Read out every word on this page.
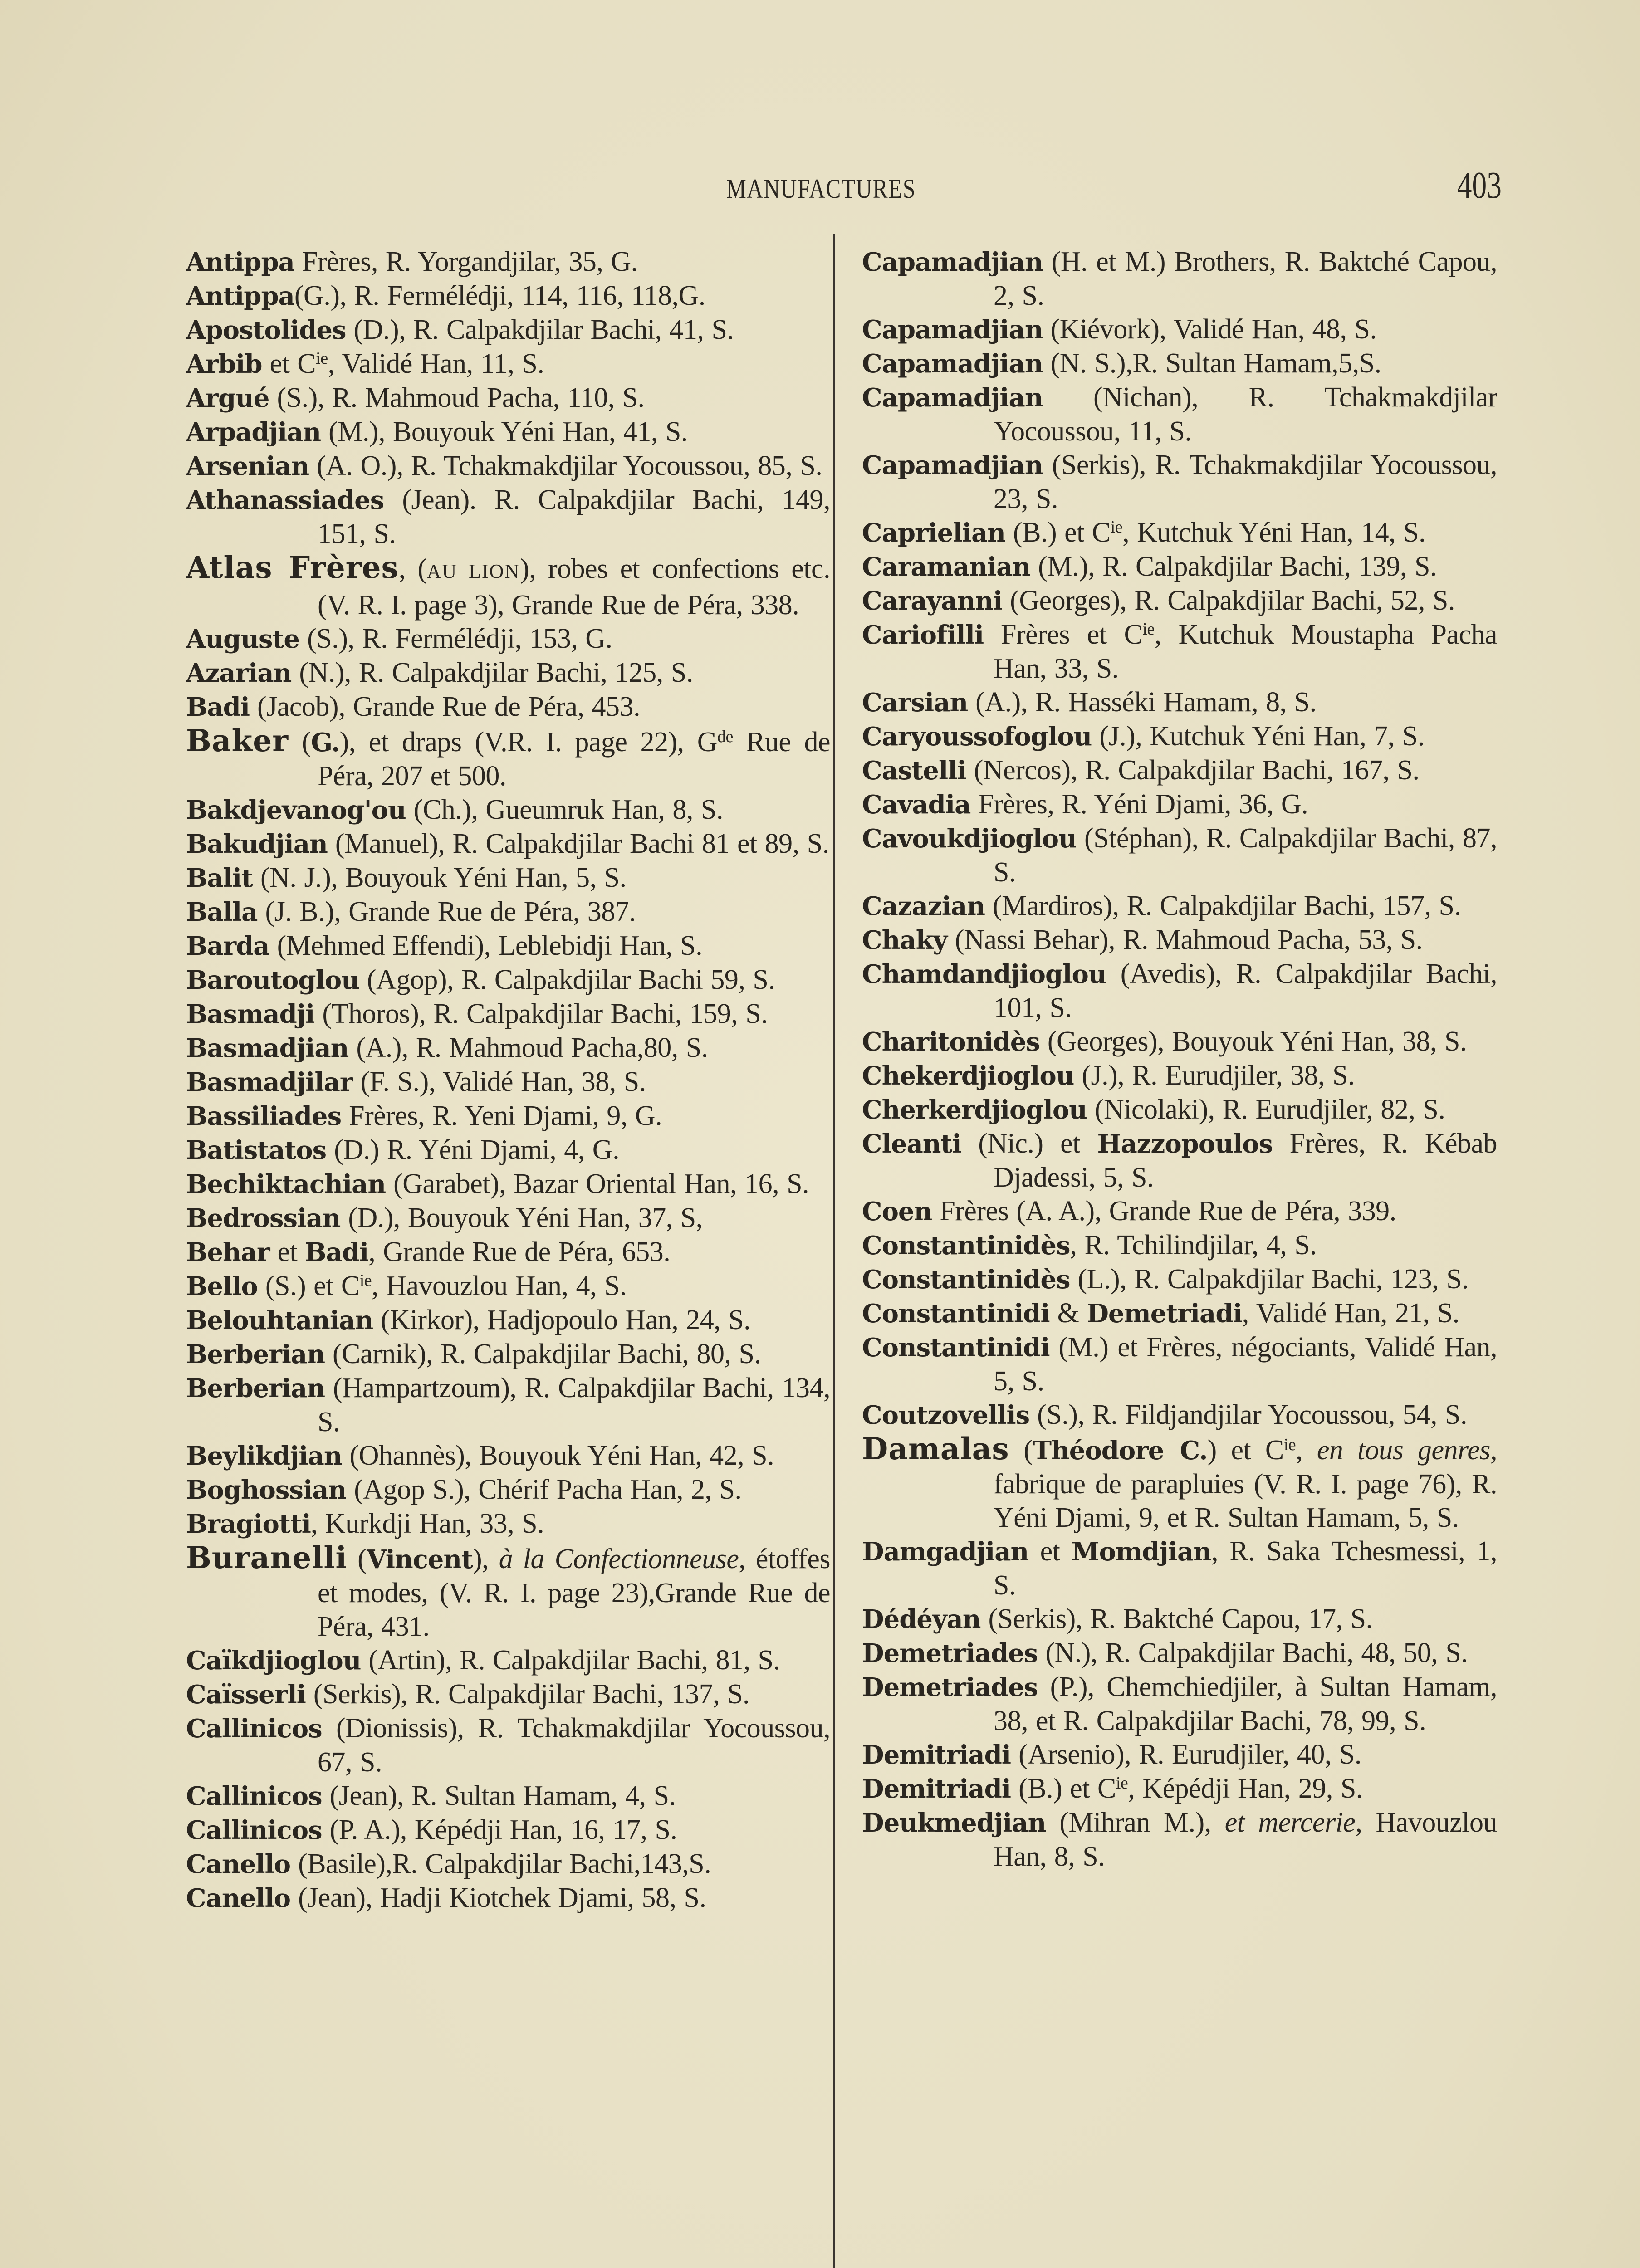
MANUFACTURES	403
Antippa Frères, R. Yorgandjilar, 35, G.
Antippa(G.), R. Fermélédji, 114, 116, 118,G.
Apostolides (D.), R. Calpakdjilar Bachi, 41, S.
Arbib et $C^{ie}$, Validé Han, 11, S.
Argué (S.), R. Mahmoud Pacha, 110, S.
Arpadjian (M.), Bouyouk Yéni Han, 41, S.
Arsenian (A. O.), R. Tchakmakdjilar Yocoussou, 85, S.
Athanassiades (Jean). R. Calpakdjilar Bachi, 149, 151, S.
Atlas Frères, (AU LION), robes et confections etc. (V. R. I. page 3), Grande Rue de Péra, 338.
Auguste (S.), R. Fermélédji, 153, G.
Azarian (N.), R. Calpakdjilar Bachi, 125, S.
Badi (Jacob), Grande Rue de Péra, 453.
Baker (G.), et draps (V.R. I. page 22), $G^{de}$ Rue de Péra, 207 et 500.
Bakdjevanog'ou (Ch.), Gueumruk Han, 8, S.
Bakudjian (Manuel), R. Calpakdjilar Bachi 81 et 89, S.
Balit (N. J.), Bouyouk Yéni Han, 5, S.
Balla (J. B.), Grande Rue de Péra, 387.
Barda (Mehmed Effendi), Leblebidji Han, S.
Baroutoglou (Agop), R. Calpakdjilar Bachi 59, S.
Basmadji (Thoros), R. Calpakdjilar Bachi, 159, S.
Basmadjian (A.), R. Mahmoud Pacha,80, S.
Basmadjilar (F. S.), Validé Han, 38, S.
Bassiliades Frères, R. Yeni Djami, 9, G.
Batistatos (D.) R. Yéni Djami, 4, G.
Bechiktachian (Garabet), Bazar Oriental Han, 16, S.
Bedrossian (D.), Bouyouk Yéni Han, 37, S,
Behar et Badi, Grande Rue de Péra, 653.
Bello (S.) et $C^{ie}$, Havouzlou Han, 4, S.
Belouhtanian (Kirkor), Hadjopoulo Han, 24, S.
Berberian (Carnik), R. Calpakdjilar Bachi, 80, S.
Berberian (Hampartzoum), R. Calpakdjilar Bachi, 134, S.
Beylikdjian (Ohannès), Bouyouk Yéni Han, 42, S.
Boghossian (Agop S.), Chérif Pacha Han, 2, S.
Bragiotti, Kurkdji Han, 33, S.
Buranelli (Vincent), à la Confectionneuse, étoffes et modes, (V. R. I. page 23),Grande Rue de Péra, 431.
Caïkdjioglou (Artin), R. Calpakdjilar Bachi, 81, S.
Caïsserli (Serkis), R. Calpakdjilar Bachi, 137, S.
Callinicos (Dionissis), R. Tchakmakdjilar Yocoussou, 67, S.
Callinicos (Jean), R. Sultan Hamam, 4, S.
Callinicos (P. A.), Képédji Han, 16, 17, S.
Canello (Basile),R. Calpakdjilar Bachi,143,S.
Canello (Jean), Hadji Kiotchek Djami, 58, S.
Capamadjian (H. et M.) Brothers, R. Baktché Capou, 2, S.
Capamadjian (Kiévork), Validé Han, 48, S.
Capamadjian (N. S.),R. Sultan Hamam,5,S.
Capamadjian (Nichan), R. Tchakmakdjilar Yocoussou, 11, S.
Capamadjian (Serkis), R. Tchakmakdjilar Yocoussou, 23, S.
Caprielian (B.) et $C^{ie}$, Kutchuk Yéni Han, 14, S.
Caramanian (M.), R. Calpakdjilar Bachi, 139, S.
Carayanni (Georges), R. Calpakdjilar Bachi, 52, S.
Cariofilli Frères et $C^{ie}$, Kutchuk Moustapha Pacha Han, 33, S.
Carsian (A.), R. Hasséki Hamam, 8, S.
Caryoussofoglou (J.), Kutchuk Yéni Han, 7, S.
Castelli (Nercos), R. Calpakdjilar Bachi, 167, S.
Cavadia Frères, R. Yéni Djami, 36, G.
Cavoukdjioglou (Stéphan), R. Calpakdjilar Bachi, 87, S.
Cazazian (Mardiros), R. Calpakdjilar Bachi, 157, S.
Chaky (Nassi Behar), R. Mahmoud Pacha, 53, S.
Chamdandjioglou (Avedis), R. Calpakdjilar Bachi, 101, S.
Charitonidès (Georges), Bouyouk Yéni Han, 38, S.
Chekerdjioglou (J.), R. Eurudjiler, 38, S.
Cherkerdjioglou (Nicolaki), R. Eurudjiler, 82, S.
Cleanti (Nic.) et Hazzopoulos Frères, R. Kébab Djadessi, 5, S.
Coen Frères (A. A.), Grande Rue de Péra, 339.
Constantinidès, R. Tchilindjilar, 4, S.
Constantinidès (L.), R. Calpakdjilar Bachi, 123, S.
Constantinidi & Demetriadi, Validé Han, 21, S.
Constantinidi (M.) et Frères, négociants, Validé Han, 5, S.
Coutzovellis (S.), R. Fildjandjilar Yocoussou, 54, S.
Damalas (Théodore C.) et $C^{ie}$, en tous genres, fabrique de parapluies (V. R. I. page 76), R. Yéni Djami, 9, et R. Sultan Hamam, 5, S.
Damgadjian et Momdjian, R. Saka Tchesmessi, 1, S.
Dédéyan (Serkis), R. Baktché Capou, 17, S.
Demetriades (N.), R. Calpakdjilar Bachi, 48, 50, S.
Demetriades (P.), Chemchiedjiler, à Sultan Hamam, 38, et R. Calpakdjilar Bachi, 78, 99, S.
Demitriadi (Arsenio), R. Eurudjiler, 40, S.
Demitriadi (B.) et $C^{ie}$, Képédji Han, 29, S.
Deukmedjian (Mihran M.), et mercerie, Havouzlou Han, 8, S.
